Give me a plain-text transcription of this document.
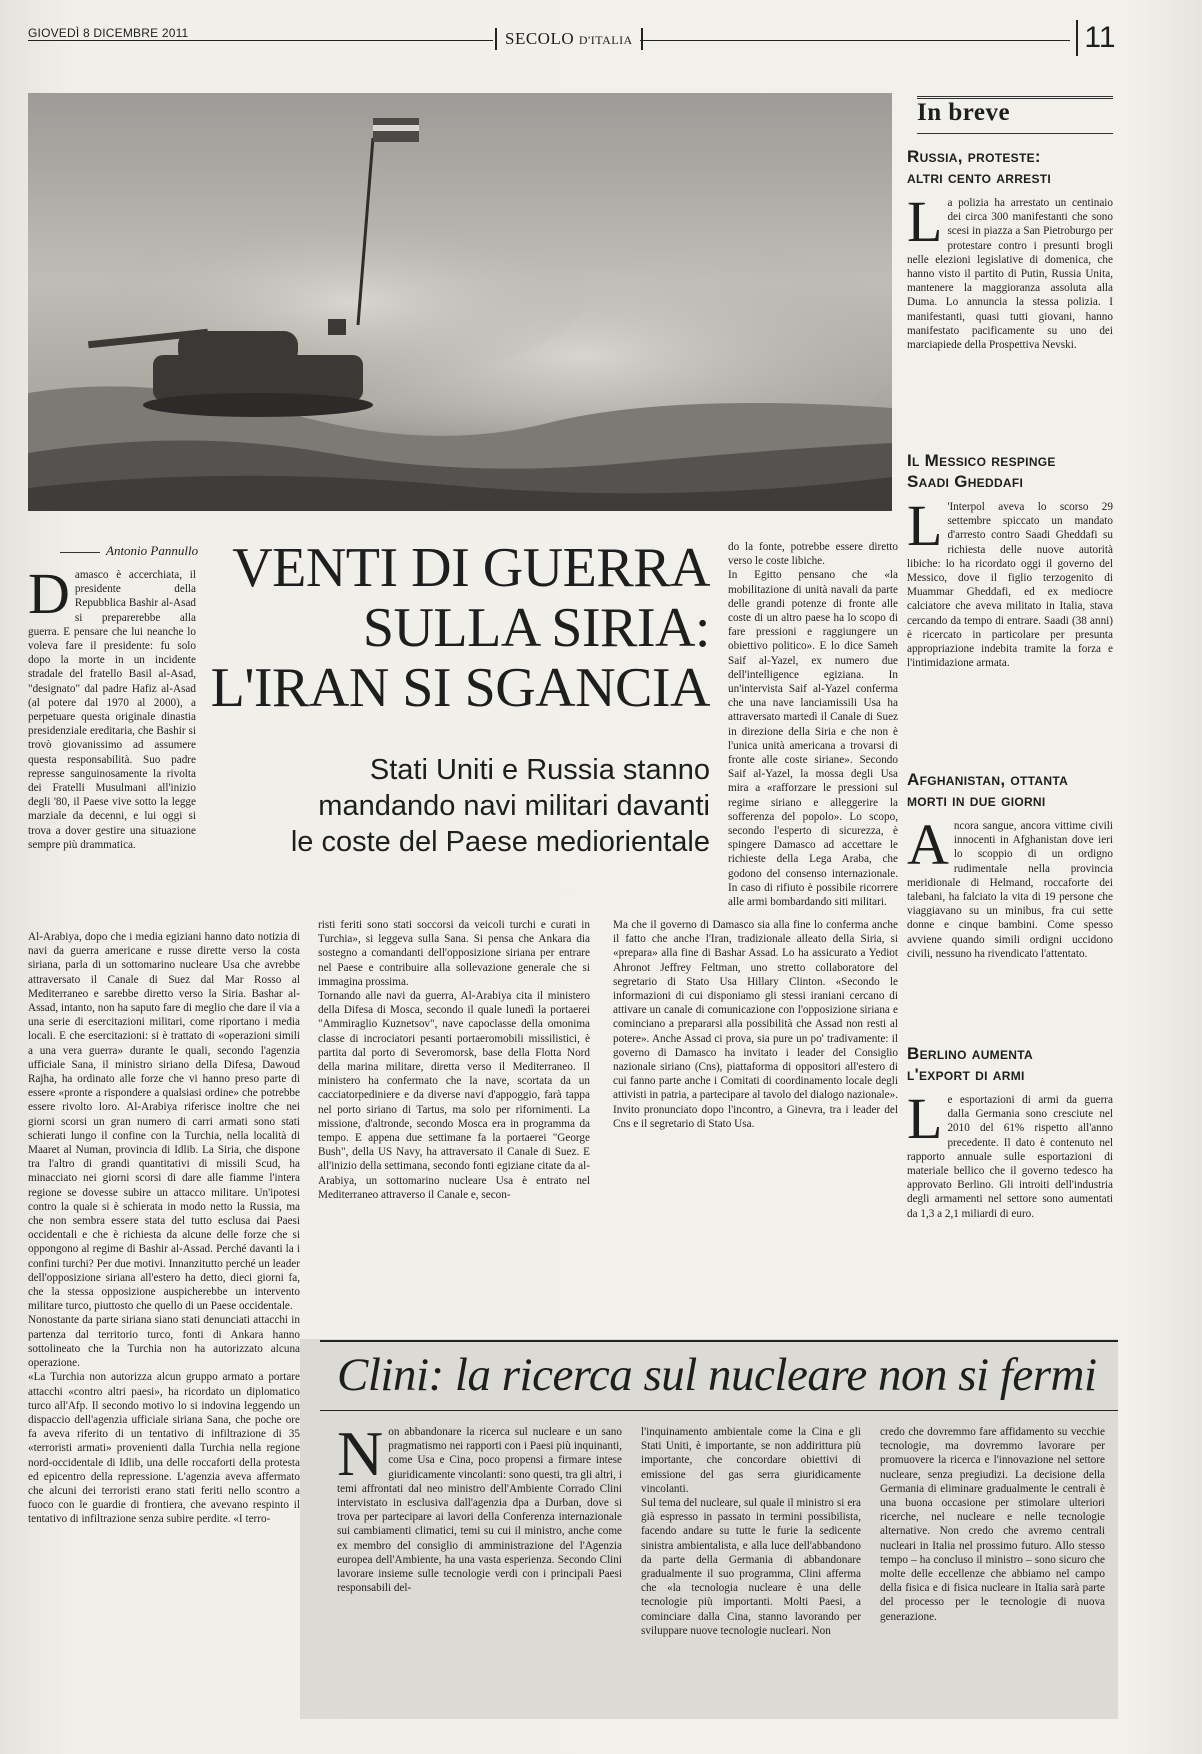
GIOVEDÌ 8 DICEMBRE 2011	SECOLO D'ITALIA	11
Antonio Pannullo VENTI DI GUERRA
SULLA SIRIA:
L'IRAN SI SGANCIA
Stati Uniti e Russia stanno
mandando navi militari davanti
le coste del Paese mediorientale
D amasco è accerchiata, il presidente della Repubblica Bashir al-Asad si preparerebbe alla guerra. E pensare che lui neanche lo voleva fare il presidente: fu solo dopo la morte in un incidente stradale del fratello Basil al-Asad, "designato" dal padre Hafiz al-Asad (al potere dal 1970 al 2000), a perpetuare questa originale dinastia presidenziale ereditaria, che Bashir si trovò giovanissimo ad assumere questa responsabilità. Suo padre represse sanguinosamente la rivolta dei Fratelli Musulmani all'inizio degli '80, il Paese vive sotto la legge marziale da decenni, e lui oggi si trova a dover gestire una situazione sempre più drammatica.

Al-Arabiya, dopo che i media egiziani hanno dato notizia di navi da guerra americane e russe dirette verso la costa siriana, parla di un sottomarino nucleare Usa che avrebbe attraversato il Canale di Suez dal Mar Rosso al Mediterraneo e sarebbe diretto verso la Siria. Bashar al-Assad, intanto, non ha saputo fare di meglio che dare il via a una serie di esercitazioni militari, come riportano i media locali. E che esercitazioni: si è trattato di «operazioni simili a una vera guerra» durante le quali, secondo l'agenzia ufficiale Sana, il ministro siriano della Difesa, Dawoud Rajha, ha ordinato alle forze che vi hanno preso parte di essere «pronte a rispondere a qualsiasi ordine» che potrebbe essere rivolto loro. Al-Arabiya riferisce inoltre che nei giorni scorsi un gran numero di carri armati sono stati schierati lungo il confine con la Turchia, nella località di Maaret al Numan, provincia di Idlib. La Siria, che dispone tra l'altro di grandi quantitativi di missili Scud, ha minacciato nei giorni scorsi di dare alle fiamme l'intera regione se dovesse subire un attacco militare. Un'ipotesi contro la quale si è schierata in modo netto la Russia, ma che non sembra essere stata del tutto esclusa dai Paesi occidentali e che è richiesta da alcune delle forze che si oppongono al regime di Bashir al-Assad. Perché davanti la i confini turchi? Per due motivi. Innanzitutto perché un leader dell'opposizione siriana all'estero ha detto, dieci giorni fa, che la stessa opposizione auspicherebbe un intervento militare turco, piuttosto che quello di un Paese occidentale.

Nonostante da parte siriana siano stati denunciati attacchi in partenza dal territorio turco, fonti di Ankara hanno sottolineato che la Turchia non ha autorizzato alcuna operazione.

«La Turchia non autorizza alcun gruppo armato a portare attacchi «contro altri paesi», ha ricordato un diplomatico turco all'Afp. Il secondo motivo lo si indovina leggendo un dispaccio dell'agenzia ufficiale siriana Sana, che poche ore fa aveva riferito di un tentativo di infiltrazione di 35 «terroristi armati» provenienti dalla Turchia nella regione nord-occidentale di Idlib, una delle roccaforti della protesta ed epicentro della repressione. L'agenzia aveva affermato che alcuni dei terroristi erano stati feriti nello scontro a fuoco con le guardie di frontiera, che avevano respinto il tentativo di infiltrazione senza subire perdite. «I terro-

risti feriti sono stati soccorsi da veicoli turchi e curati in Turchia», si leggeva sulla Sana. Si pensa che Ankara dia sostegno a comandanti dell'opposizione siriana per entrare nel Paese e contribuire alla sollevazione generale che si immagina prossima.

Tornando alle navi da guerra, Al-Arabiya cita il ministero della Difesa di Mosca, secondo il quale lunedì la portaerei "Ammiraglio Kuznetsov", nave capoclasse della omonima classe di incrociatori pesanti portaeromobili missilistici, è partita dal porto di Severomorsk, base della Flotta Nord della marina militare, diretta verso il Mediterraneo. Il ministero ha confermato che la nave, scortata da un cacciatorpediniere e da diverse navi d'appoggio, farà tappa nel porto siriano di Tartus, ma solo per rifornimenti. La missione, d'altronde, secondo Mosca era in programma da tempo. E appena due settimane fa la portaerei "George Bush", della US Navy, ha attraversato il Canale di Suez. E all'inizio della settimana, secondo fonti egiziane citate da al-Arabiya, un sottomarino nucleare Usa è entrato nel Mediterraneo attraverso il Canale e, secon-

do la fonte, potrebbe essere diretto verso le coste libiche.

In Egitto pensano che «la mobilitazione di unità navali da parte delle grandi potenze di fronte alle coste di un altro paese ha lo scopo di fare pressioni e raggiungere un obiettivo politico». E lo dice Sameh Saif al-Yazel, ex numero due dell'intelligence egiziana. In un'intervista Saif al-Yazel conferma che una nave lanciamissili Usa ha attraversato martedì il Canale di Suez in direzione della Siria e che non è l'unica unità americana a trovarsi di fronte alle coste siriane». Secondo Saif al-Yazel, la mossa degli Usa mira a «rafforzare le pressioni sul regime siriano e alleggerire la sofferenza del popolo». Lo scopo, secondo l'esperto di sicurezza, è spingere Damasco ad accettare le richieste della Lega Araba, che godono del consenso internazionale. In caso di rifiuto è possibile ricorrere alle armi bombardando siti militari.

Ma che il governo di Damasco sia alla fine lo conferma anche il fatto che anche l'Iran, tradizionale alleato della Siria, si «prepara» alla fine di Bashar Assad. Lo ha assicurato a Yediot Ahronot Jeffrey Feltman, uno stretto collaboratore del segretario di Stato Usa Hillary Clinton. «Secondo le informazioni di cui disponiamo gli stessi iraniani cercano di attivare un canale di comunicazione con l'opposizione siriana e cominciano a prepararsi alla possibilità che Assad non resti al potere». Anche Assad ci prova, sia pure un po' tradivamente: il governo di Damasco ha invitato i leader del Consiglio nazionale siriano (Cns), piattaforma di oppositori all'estero di cui fanno parte anche i Comitati di coordinamento locale degli attivisti in patria, a partecipare al tavolo del dialogo nazionale». Invito pronunciato dopo l'incontro, a Ginevra, tra i leader del Cns e il segretario di Stato Usa.

In breve
Russia, proteste:
altri cento arresti
L a polizia ha arrestato un centinaio dei circa 300 manifestanti che sono scesi in piazza a San Pietroburgo per protestare contro i presunti brogli nelle elezioni legislative di domenica, che hanno visto il partito di Putin, Russia Unita, mantenere la maggioranza assoluta alla Duma. Lo annuncia la stessa polizia. I manifestanti, quasi tutti giovani, hanno manifestato pacificamente su uno dei marciapiede della Prospettiva Nevski.

Il Messico respinge
Saadi Gheddafi
L 'Interpol aveva lo scorso 29 settembre spiccato un mandato d'arresto contro Saadi Gheddafi su richiesta delle nuove autorità libiche: lo ha ricordato oggi il governo del Messico, dove il figlio terzogenito di Muammar Gheddafi, ed ex mediocre calciatore che aveva militato in Italia, stava cercando da tempo di entrare. Saadi (38 anni) è ricercato in particolare per presunta appropriazione indebita tramite la forza e l'intimidazione armata.

Afghanistan, ottanta
morti in due giorni
A ncora sangue, ancora vittime civili innocenti in Afghanistan dove ieri lo scoppio di un ordigno rudimentale nella provincia meridionale di Helmand, roccaforte dei talebani, ha falciato la vita di 19 persone che viaggiavano su un minibus, fra cui sette donne e cinque bambini. Come spesso avviene quando simili ordigni uccidono civili, nessuno ha rivendicato l'attentato.

Berlino aumenta
l'export di armi
L e esportazioni di armi da guerra dalla Germania sono cresciute nel 2010 del 61% rispetto all'anno precedente. Il dato è contenuto nel rapporto annuale sulle esportazioni di materiale bellico che il governo tedesco ha approvato Berlino. Gli introiti dell'industria degli armamenti nel settore sono aumentati da 1,3 a 2,1 miliardi di euro.

Clini: la ricerca sul nucleare non si fermi
N on abbandonare la ricerca sul nucleare e un sano pragmatismo nei rapporti con i Paesi più inquinanti, come Usa e Cina, poco propensi a firmare intese giuridicamente vincolanti: sono questi, tra gli altri, i temi affrontati dal neo ministro dell'Ambiente Corrado Clini intervistato in esclusiva dall'agenzia dpa a Durban, dove si trova per partecipare ai lavori della Conferenza internazionale sui cambiamenti climatici, temi su cui il ministro, anche come ex membro del consiglio di amministrazione del l'Agenzia europea dell'Ambiente, ha una vasta esperienza. Secondo Clini lavorare insieme sulle tecnologie verdi con i principali Paesi responsabili del-

l'inquinamento ambientale come la Cina e gli Stati Uniti, è importante, se non addirittura più importante, che concordare obiettivi di emissione del gas serra giuridicamente vincolanti.

Sul tema del nucleare, sul quale il ministro si era già espresso in passato in termini possibilista, facendo andare su tutte le furie la sedicente sinistra ambientalista, e alla luce dell'abbandono da parte della Germania di abbandonare gradualmente il suo programma, Clini afferma che «la tecnologia nucleare è una delle tecnologie più importanti. Molti Paesi, a cominciare dalla Cina, stanno lavorando per sviluppare nuove tecnologie nucleari. Non

credo che dovremmo fare affidamento su vecchie tecnologie, ma dovremmo lavorare per promuovere la ricerca e l'innovazione nel settore nucleare, senza pregiudizi. La decisione della Germania di eliminare gradualmente le centrali è una buona occasione per stimolare ulteriori ricerche, nel nucleare e nelle tecnologie alternative. Non credo che avremo centrali nucleari in Italia nel prossimo futuro. Allo stesso tempo – ha concluso il ministro – sono sicuro che molte delle eccellenze che abbiamo nel campo della fisica e di fisica nucleare in Italia sarà parte del processo per le tecnologie di nuova generazione.
